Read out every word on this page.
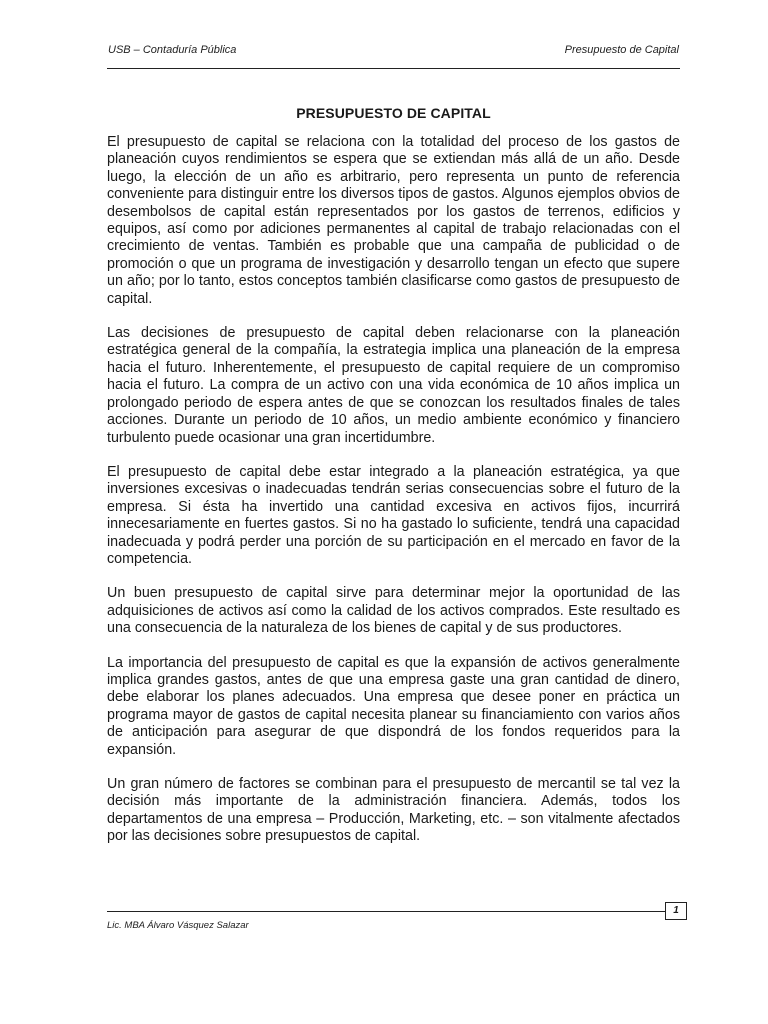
USB – Contaduría Pública	Presupuesto de Capital
PRESUPUESTO DE CAPITAL

El presupuesto de capital se relaciona con la totalidad del proceso de los gastos de planeación cuyos rendimientos se espera que se extiendan más allá de un año. Desde luego, la elección de un año es arbitrario, pero representa un punto de referencia conveniente para distinguir entre los diversos tipos de gastos. Algunos ejemplos obvios de desembolsos de capital están representados por los gastos de terrenos, edificios y equipos, así como por adiciones permanentes al capital de trabajo relacionadas con el crecimiento de ventas. También es probable que una campaña de publicidad o de promoción o que un programa de investigación y desarrollo tengan un efecto que supere un año; por lo tanto, estos conceptos también clasificarse como gastos de presupuesto de capital.

Las decisiones de presupuesto de capital deben relacionarse con la planeación estratégica general de la compañía, la estrategia implica una planeación de la empresa hacia el futuro. Inherentemente, el presupuesto de capital requiere de un compromiso hacia el futuro. La compra de un activo con una vida económica de 10 años implica un prolongado periodo de espera antes de que se conozcan los resultados finales de tales acciones. Durante un periodo de 10 años, un medio ambiente económico y financiero turbulento puede ocasionar una gran incertidumbre.

El presupuesto de capital debe estar integrado a la planeación estratégica, ya que inversiones excesivas o inadecuadas tendrán serias consecuencias sobre el futuro de la empresa. Si ésta ha invertido una cantidad excesiva en activos fijos, incurrirá innecesariamente en fuertes gastos. Si no ha gastado lo suficiente, tendrá una capacidad inadecuada y podrá perder una porción de su participación en el mercado en favor de la competencia.

Un buen presupuesto de capital sirve para determinar mejor la oportunidad de las adquisiciones de activos así como la calidad de los activos comprados. Este resultado es una consecuencia de la naturaleza de los bienes de capital y de sus productores.

La importancia del presupuesto de capital es que la expansión de activos generalmente implica grandes gastos, antes de que una empresa gaste una gran cantidad de dinero, debe elaborar los planes adecuados. Una empresa que desee poner en práctica un programa mayor de gastos de capital necesita planear su financiamiento con varios años de anticipación para asegurar de que dispondrá de los fondos requeridos para la expansión.

Un gran número de factores se combinan para el presupuesto de mercantil se tal vez la decisión más importante de la administración financiera. Además, todos los departamentos de una empresa – Producción, Marketing, etc. – son vitalmente afectados por las decisiones sobre presupuestos de capital.

1
Lic. MBA Álvaro Vásquez Salazar
